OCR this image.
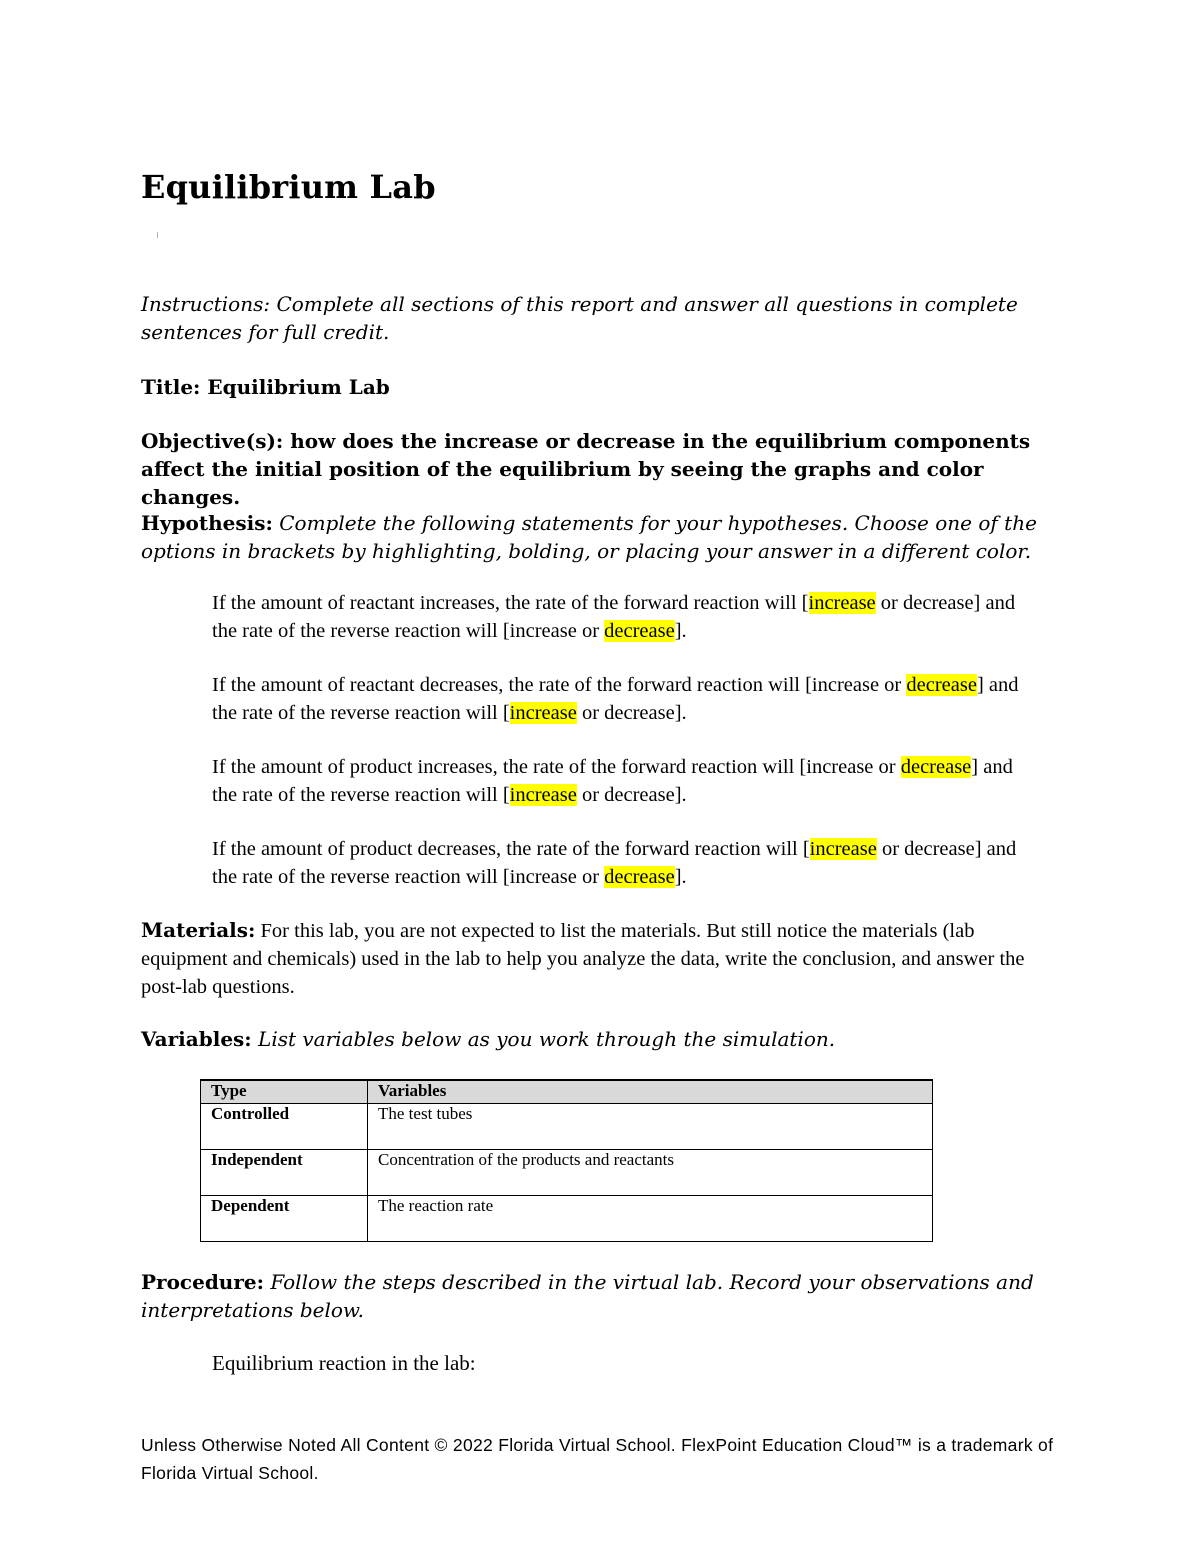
Equilibrium Lab
Instructions: Complete all sections of this report and answer all questions in complete sentences for full credit.
Title: Equilibrium Lab
Objective(s): how does the increase or decrease in the equilibrium components affect the initial position of the equilibrium by seeing the graphs and color changes.
Hypothesis: Complete the following statements for your hypotheses. Choose one of the options in brackets by highlighting, bolding, or placing your answer in a different color.
If the amount of reactant increases, the rate of the forward reaction will [increase or decrease] and the rate of the reverse reaction will [increase or decrease].
If the amount of reactant decreases, the rate of the forward reaction will [increase or decrease] and the rate of the reverse reaction will [increase or decrease].
If the amount of product increases, the rate of the forward reaction will [increase or decrease] and the rate of the reverse reaction will [increase or decrease].
If the amount of product decreases, the rate of the forward reaction will [increase or decrease] and the rate of the reverse reaction will [increase or decrease].
Materials: For this lab, you are not expected to list the materials. But still notice the materials (lab equipment and chemicals) used in the lab to help you analyze the data, write the conclusion, and answer the post-lab questions.
Variables: List variables below as you work through the simulation.
Type	Variables
Controlled	The test tubes
Independent	Concentration of the products and reactants
Dependent	The reaction rate
Procedure: Follow the steps described in the virtual lab. Record your observations and interpretations below.
Equilibrium reaction in the lab:
Unless Otherwise Noted All Content © 2022 Florida Virtual School. FlexPoint Education Cloud™ is a trademark of Florida Virtual School.
